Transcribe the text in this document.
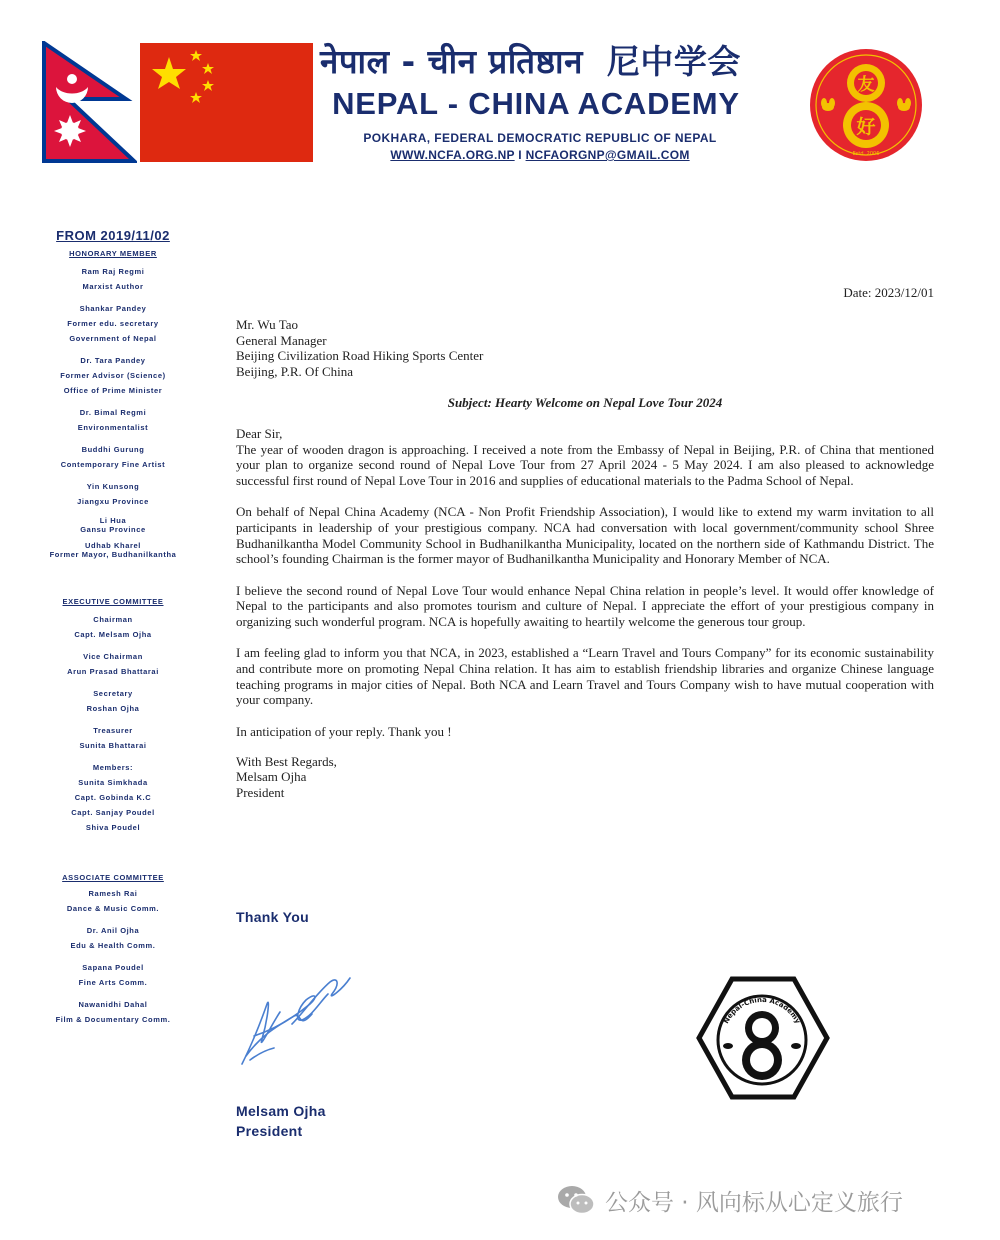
नेपाल - चीन प्रतिष्ठान 尼中学会
NEPAL - CHINA ACADEMY
POKHARA, FEDERAL DEMOCRATIC REPUBLIC OF NEPAL
WWW.NCFA.ORG.NP I NCFAORGNP@GMAIL.COM
友
好
Estd. 2006
FROM 2019/11/02
HONORARY MEMBER
Ram Raj Regmi
Marxist Author
Shankar Pandey
Former edu. secretary
Government of Nepal
Dr. Tara Pandey
Former Advisor (Science)
Office of Prime Minister
Dr. Bimal Regmi
Environmentalist
Buddhi Gurung
Contemporary Fine Artist
Yin Kunsong
Jiangxu Province
Li Hua
Gansu Province
Udhab Kharel
Former Mayor, Budhanilkantha
EXECUTIVE COMMITTEE
Chairman
Capt. Melsam Ojha
Vice Chairman
Arun Prasad Bhattarai
Secretary
Roshan Ojha
Treasurer
Sunita Bhattarai
Members:
Sunita Simkhada
Capt. Gobinda K.C
Capt. Sanjay Poudel
Shiva Poudel
ASSOCIATE COMMITTEE
Ramesh Rai
Dance & Music Comm.
Dr. Anil Ojha
Edu & Health Comm.
Sapana Poudel
Fine Arts Comm.
Nawanidhi Dahal
Film & Documentary Comm.
Date: 2023/12/01
Mr. Wu Tao
General Manager
Beijing Civilization Road Hiking Sports Center
Beijing, P.R. Of China
Subject: Hearty Welcome on Nepal Love Tour 2024
Dear Sir,

The year of wooden dragon is approaching. I received a note from the Embassy of Nepal in Beijing, P.R. of China that mentioned your plan to organize second round of Nepal Love Tour from 27 April 2024 - 5 May 2024. I am also pleased to acknowledge successful first round of Nepal Love Tour in 2016 and supplies of educational materials to the Padma School of Nepal.

On behalf of Nepal China Academy (NCA - Non Profit Friendship Association), I would like to extend my warm invitation to all participants in leadership of your prestigious company. NCA had conversation with local government/community school Shree Budhanilkantha Model Community School in Budhanilkantha Municipality, located on the northern side of Kathmandu District. The school’s founding Chairman is the former mayor of Budhanilkantha Municipality and Honorary Member of NCA.

I believe the second round of Nepal Love Tour would enhance Nepal China relation in people’s level. It would offer knowledge of Nepal to the participants and also promotes tourism and culture of Nepal. I appreciate the effort of your prestigious company in organizing such wonderful program. NCA is hopefully awaiting to heartily welcome the generous tour group.

I am feeling glad to inform you that NCA, in 2023, established a “Learn Travel and Tours Company” for its economic sustainability and contribute more on promoting Nepal China relation. It has aim to establish friendship libraries and organize Chinese language teaching programs in major cities of Nepal. Both NCA and Learn Travel and Tours Company wish to have mutual cooperation with your company.

In anticipation of your reply. Thank you !

With Best Regards,
Melsam Ojha
President
Thank You
Melsam Ojha
President
Nepal-China Academy
公众号 · 风向标从心定义旅行
